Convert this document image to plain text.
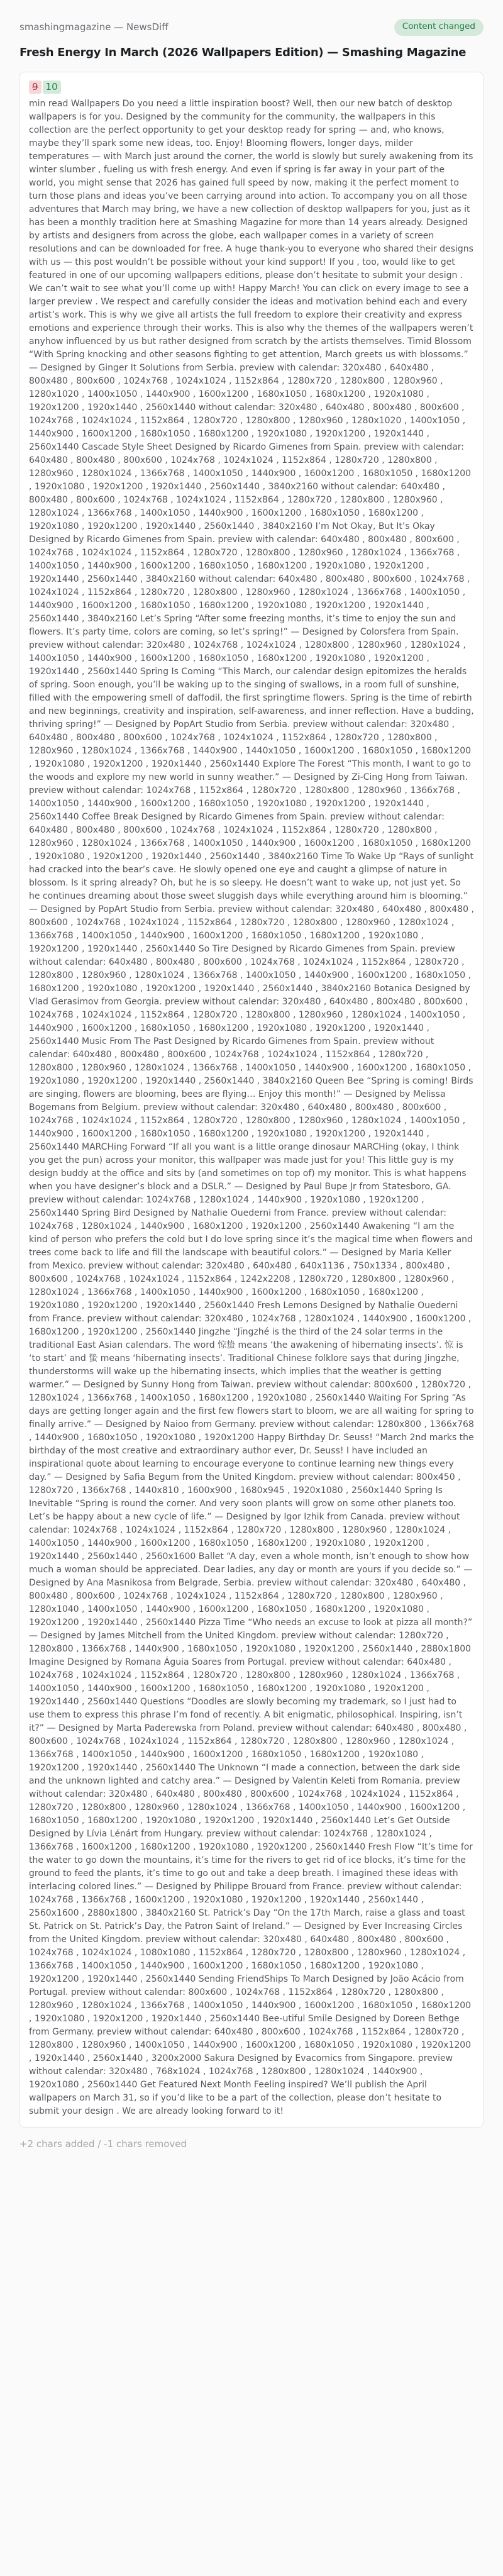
smashingmagazine — NewsDiff	Content changed
Fresh Energy In March (2026 Wallpapers Edition) — Smashing Magazine
9 10
min read Wallpapers Do you need a little inspiration boost? Well, then our new batch of desktop wallpapers is for you. Designed by the community for the community, the wallpapers in this collection are the perfect opportunity to get your desktop ready for spring — and, who knows, maybe they’ll spark some new ideas, too. Enjoy! Blooming flowers, longer days, milder temperatures — with March just around the corner, the world is slowly but surely awakening from its winter slumber , fueling us with fresh energy. And even if spring is far away in your part of the world, you might sense that 2026 has gained full speed by now, making it the perfect moment to turn those plans and ideas you’ve been carrying around into action. To accompany you on all those adventures that March may bring, we have a new collection of desktop wallpapers for you, just as it has been a monthly tradition here at Smashing Magazine for more than 14 years already. Designed by artists and designers from across the globe, each wallpaper comes in a variety of screen resolutions and can be downloaded for free. A huge thank-you to everyone who shared their designs with us — this post wouldn’t be possible without your kind support! If you , too, would like to get featured in one of our upcoming wallpapers editions, please don’t hesitate to submit your design . We can’t wait to see what you’ll come up with! Happy March! You can click on every image to see a larger preview . We respect and carefully consider the ideas and motivation behind each and every artist’s work. This is why we give all artists the full freedom to explore their creativity and express emotions and experience through their works. This is also why the themes of the wallpapers weren’t anyhow influenced by us but rather designed from scratch by the artists themselves. Timid Blossom “With Spring knocking and other seasons fighting to get attention, March greets us with blossoms.” — Designed by Ginger It Solutions from Serbia. preview with calendar: 320x480 , 640x480 , 800x480 , 800x600 , 1024x768 , 1024x1024 , 1152x864 , 1280x720 , 1280x800 , 1280x960 , 1280x1020 , 1400x1050 , 1440x900 , 1600x1200 , 1680x1050 , 1680x1200 , 1920x1080 , 1920x1200 , 1920x1440 , 2560x1440 without calendar: 320x480 , 640x480 , 800x480 , 800x600 , 1024x768 , 1024x1024 , 1152x864 , 1280x720 , 1280x800 , 1280x960 , 1280x1020 , 1400x1050 , 1440x900 , 1600x1200 , 1680x1050 , 1680x1200 , 1920x1080 , 1920x1200 , 1920x1440 , 2560x1440 Cascade Style Sheet Designed by Ricardo Gimenes from Spain. preview with calendar: 640x480 , 800x480 , 800x600 , 1024x768 , 1024x1024 , 1152x864 , 1280x720 , 1280x800 , 1280x960 , 1280x1024 , 1366x768 , 1400x1050 , 1440x900 , 1600x1200 , 1680x1050 , 1680x1200 , 1920x1080 , 1920x1200 , 1920x1440 , 2560x1440 , 3840x2160 without calendar: 640x480 , 800x480 , 800x600 , 1024x768 , 1024x1024 , 1152x864 , 1280x720 , 1280x800 , 1280x960 , 1280x1024 , 1366x768 , 1400x1050 , 1440x900 , 1600x1200 , 1680x1050 , 1680x1200 , 1920x1080 , 1920x1200 , 1920x1440 , 2560x1440 , 3840x2160 I’m Not Okay, But It’s Okay Designed by Ricardo Gimenes from Spain. preview with calendar: 640x480 , 800x480 , 800x600 , 1024x768 , 1024x1024 , 1152x864 , 1280x720 , 1280x800 , 1280x960 , 1280x1024 , 1366x768 , 1400x1050 , 1440x900 , 1600x1200 , 1680x1050 , 1680x1200 , 1920x1080 , 1920x1200 , 1920x1440 , 2560x1440 , 3840x2160 without calendar: 640x480 , 800x480 , 800x600 , 1024x768 , 1024x1024 , 1152x864 , 1280x720 , 1280x800 , 1280x960 , 1280x1024 , 1366x768 , 1400x1050 , 1440x900 , 1600x1200 , 1680x1050 , 1680x1200 , 1920x1080 , 1920x1200 , 1920x1440 , 2560x1440 , 3840x2160 Let’s Spring “After some freezing months, it’s time to enjoy the sun and flowers. It’s party time, colors are coming, so let’s spring!” — Designed by Colorsfera from Spain. preview without calendar: 320x480 , 1024x768 , 1024x1024 , 1280x800 , 1280x960 , 1280x1024 , 1400x1050 , 1440x900 , 1600x1200 , 1680x1050 , 1680x1200 , 1920x1080 , 1920x1200 , 1920x1440 , 2560x1440 Spring Is Coming “This March, our calendar design epitomizes the heralds of spring. Soon enough, you’ll be waking up to the singing of swallows, in a room full of sunshine, filled with the empowering smell of daffodil, the first springtime flowers. Spring is the time of rebirth and new beginnings, creativity and inspiration, self-awareness, and inner reflection. Have a budding, thriving spring!” — Designed by PopArt Studio from Serbia. preview without calendar: 320x480 , 640x480 , 800x480 , 800x600 , 1024x768 , 1024x1024 , 1152x864 , 1280x720 , 1280x800 , 1280x960 , 1280x1024 , 1366x768 , 1440x900 , 1440x1050 , 1600x1200 , 1680x1050 , 1680x1200 , 1920x1080 , 1920x1200 , 1920x1440 , 2560x1440 Explore The Forest “This month, I want to go to the woods and explore my new world in sunny weather.” — Designed by Zi-Cing Hong from Taiwan. preview without calendar: 1024x768 , 1152x864 , 1280x720 , 1280x800 , 1280x960 , 1366x768 , 1400x1050 , 1440x900 , 1600x1200 , 1680x1050 , 1920x1080 , 1920x1200 , 1920x1440 , 2560x1440 Coffee Break Designed by Ricardo Gimenes from Spain. preview without calendar: 640x480 , 800x480 , 800x600 , 1024x768 , 1024x1024 , 1152x864 , 1280x720 , 1280x800 , 1280x960 , 1280x1024 , 1366x768 , 1400x1050 , 1440x900 , 1600x1200 , 1680x1050 , 1680x1200 , 1920x1080 , 1920x1200 , 1920x1440 , 2560x1440 , 3840x2160 Time To Wake Up “Rays of sunlight had cracked into the bear’s cave. He slowly opened one eye and caught a glimpse of nature in blossom. Is it spring already? Oh, but he is so sleepy. He doesn’t want to wake up, not just yet. So he continues dreaming about those sweet sluggish days while everything around him is blooming.” — Designed by PopArt Studio from Serbia. preview without calendar: 320x480 , 640x480 , 800x480 , 800x600 , 1024x768 , 1024x1024 , 1152x864 , 1280x720 , 1280x800 , 1280x960 , 1280x1024 , 1366x768 , 1400x1050 , 1440x900 , 1600x1200 , 1680x1050 , 1680x1200 , 1920x1080 , 1920x1200 , 1920x1440 , 2560x1440 So Tire Designed by Ricardo Gimenes from Spain. preview without calendar: 640x480 , 800x480 , 800x600 , 1024x768 , 1024x1024 , 1152x864 , 1280x720 , 1280x800 , 1280x960 , 1280x1024 , 1366x768 , 1400x1050 , 1440x900 , 1600x1200 , 1680x1050 , 1680x1200 , 1920x1080 , 1920x1200 , 1920x1440 , 2560x1440 , 3840x2160 Botanica Designed by Vlad Gerasimov from Georgia. preview without calendar: 320x480 , 640x480 , 800x480 , 800x600 , 1024x768 , 1024x1024 , 1152x864 , 1280x720 , 1280x800 , 1280x960 , 1280x1024 , 1400x1050 , 1440x900 , 1600x1200 , 1680x1050 , 1680x1200 , 1920x1080 , 1920x1200 , 1920x1440 , 2560x1440 Music From The Past Designed by Ricardo Gimenes from Spain. preview without calendar: 640x480 , 800x480 , 800x600 , 1024x768 , 1024x1024 , 1152x864 , 1280x720 , 1280x800 , 1280x960 , 1280x1024 , 1366x768 , 1400x1050 , 1440x900 , 1600x1200 , 1680x1050 , 1920x1080 , 1920x1200 , 1920x1440 , 2560x1440 , 3840x2160 Queen Bee “Spring is coming! Birds are singing, flowers are blooming, bees are flying… Enjoy this month!” — Designed by Melissa Bogemans from Belgium. preview without calendar: 320x480 , 640x480 , 800x480 , 800x600 , 1024x768 , 1024x1024 , 1152x864 , 1280x720 , 1280x800 , 1280x960 , 1280x1024 , 1400x1050 , 1440x900 , 1600x1200 , 1680x1050 , 1680x1200 , 1920x1080 , 1920x1200 , 1920x1440 , 2560x1440 MARCHing Forward “If all you want is a little orange dinosaur MARCHing (okay, I think you get the pun) across your monitor, this wallpaper was made just for you! This little guy is my design buddy at the office and sits by (and sometimes on top of) my monitor. This is what happens when you have designer’s block and a DSLR.” — Designed by Paul Bupe Jr from Statesboro, GA. preview without calendar: 1024x768 , 1280x1024 , 1440x900 , 1920x1080 , 1920x1200 , 2560x1440 Spring Bird Designed by Nathalie Ouederni from France. preview without calendar: 1024x768 , 1280x1024 , 1440x900 , 1680x1200 , 1920x1200 , 2560x1440 Awakening “I am the kind of person who prefers the cold but I do love spring since it’s the magical time when flowers and trees come back to life and fill the landscape with beautiful colors.” — Designed by Maria Keller from Mexico. preview without calendar: 320x480 , 640x480 , 640x1136 , 750x1334 , 800x480 , 800x600 , 1024x768 , 1024x1024 , 1152x864 , 1242x2208 , 1280x720 , 1280x800 , 1280x960 , 1280x1024 , 1366x768 , 1400x1050 , 1440x900 , 1600x1200 , 1680x1050 , 1680x1200 , 1920x1080 , 1920x1200 , 1920x1440 , 2560x1440 Fresh Lemons Designed by Nathalie Ouederni from France. preview without calendar: 320x480 , 1024x768 , 1280x1024 , 1440x900 , 1600x1200 , 1680x1200 , 1920x1200 , 2560x1440 Jingzhe “Jīngzhé is the third of the 24 solar terms in the traditional East Asian calendars. The word 惊蛰 means ‘the awakening of hibernating insects’. 惊 is ‘to start’ and 蛰 means ‘hibernating insects’. Traditional Chinese folklore says that during Jingzhe, thunderstorms will wake up the hibernating insects, which implies that the weather is getting warmer.” — Designed by Sunny Hong from Taiwan. preview without calendar: 800x600 , 1280x720 , 1280x1024 , 1366x768 , 1400x1050 , 1680x1200 , 1920x1080 , 2560x1440 Waiting For Spring “As days are getting longer again and the first few flowers start to bloom, we are all waiting for spring to finally arrive.” — Designed by Naioo from Germany. preview without calendar: 1280x800 , 1366x768 , 1440x900 , 1680x1050 , 1920x1080 , 1920x1200 Happy Birthday Dr. Seuss! “March 2nd marks the birthday of the most creative and extraordinary author ever, Dr. Seuss! I have included an inspirational quote about learning to encourage everyone to continue learning new things every day.” — Designed by Safia Begum from the United Kingdom. preview without calendar: 800x450 , 1280x720 , 1366x768 , 1440x810 , 1600x900 , 1680x945 , 1920x1080 , 2560x1440 Spring Is Inevitable “Spring is round the corner. And very soon plants will grow on some other planets too. Let’s be happy about a new cycle of life.” — Designed by Igor Izhik from Canada. preview without calendar: 1024x768 , 1024x1024 , 1152x864 , 1280x720 , 1280x800 , 1280x960 , 1280x1024 , 1400x1050 , 1440x900 , 1600x1200 , 1680x1050 , 1680x1200 , 1920x1080 , 1920x1200 , 1920x1440 , 2560x1440 , 2560x1600 Ballet “A day, even a whole month, isn’t enough to show how much a woman should be appreciated. Dear ladies, any day or month are yours if you decide so.” — Designed by Ana Masnikosa from Belgrade, Serbia. preview without calendar: 320x480 , 640x480 , 800x480 , 800x600 , 1024x768 , 1024x1024 , 1152x864 , 1280x720 , 1280x800 , 1280x960 , 1280x1040 , 1400x1050 , 1440x900 , 1600x1200 , 1680x1050 , 1680x1200 , 1920x1080 , 1920x1200 , 1920x1440 , 2560x1440 Pizza Time “Who needs an excuse to look at pizza all month?” — Designed by James Mitchell from the United Kingdom. preview without calendar: 1280x720 , 1280x800 , 1366x768 , 1440x900 , 1680x1050 , 1920x1080 , 1920x1200 , 2560x1440 , 2880x1800 Imagine Designed by Romana Águia Soares from Portugal. preview without calendar: 640x480 , 1024x768 , 1024x1024 , 1152x864 , 1280x720 , 1280x800 , 1280x960 , 1280x1024 , 1366x768 , 1400x1050 , 1440x900 , 1600x1200 , 1680x1050 , 1680x1200 , 1920x1080 , 1920x1200 , 1920x1440 , 2560x1440 Questions “Doodles are slowly becoming my trademark, so I just had to use them to express this phrase I’m fond of recently. A bit enigmatic, philosophical. Inspiring, isn’t it?” — Designed by Marta Paderewska from Poland. preview without calendar: 640x480 , 800x480 , 800x600 , 1024x768 , 1024x1024 , 1152x864 , 1280x720 , 1280x800 , 1280x960 , 1280x1024 , 1366x768 , 1400x1050 , 1440x900 , 1600x1200 , 1680x1050 , 1680x1200 , 1920x1080 , 1920x1200 , 1920x1440 , 2560x1440 The Unknown “I made a connection, between the dark side and the unknown lighted and catchy area.” — Designed by Valentin Keleti from Romania. preview without calendar: 320x480 , 640x480 , 800x480 , 800x600 , 1024x768 , 1024x1024 , 1152x864 , 1280x720 , 1280x800 , 1280x960 , 1280x1024 , 1366x768 , 1400x1050 , 1440x900 , 1600x1200 , 1680x1050 , 1680x1200 , 1920x1080 , 1920x1200 , 1920x1440 , 2560x1440 Let’s Get Outside Designed by Lívia Lénárt from Hungary. preview without calendar: 1024x768 , 1280x1024 , 1366x768 , 1600x1200 , 1680x1200 , 1920x1080 , 1920x1200 , 2560x1440 Fresh Flow “It’s time for the water to go down the mountains, it’s time for the rivers to get rid of ice blocks, it’s time for the ground to feed the plants, it’s time to go out and take a deep breath. I imagined these ideas with interlacing colored lines.” — Designed by Philippe Brouard from France. preview without calendar: 1024x768 , 1366x768 , 1600x1200 , 1920x1080 , 1920x1200 , 1920x1440 , 2560x1440 , 2560x1600 , 2880x1800 , 3840x2160 St. Patrick’s Day “On the 17th March, raise a glass and toast St. Patrick on St. Patrick’s Day, the Patron Saint of Ireland.” — Designed by Ever Increasing Circles from the United Kingdom. preview without calendar: 320x480 , 640x480 , 800x480 , 800x600 , 1024x768 , 1024x1024 , 1080x1080 , 1152x864 , 1280x720 , 1280x800 , 1280x960 , 1280x1024 , 1366x768 , 1400x1050 , 1440x900 , 1600x1200 , 1680x1050 , 1680x1200 , 1920x1080 , 1920x1200 , 1920x1440 , 2560x1440 Sending FriendShips To March Designed by João Acácio from Portugal. preview without calendar: 800x600 , 1024x768 , 1152x864 , 1280x720 , 1280x800 , 1280x960 , 1280x1024 , 1366x768 , 1400x1050 , 1440x900 , 1600x1200 , 1680x1050 , 1680x1200 , 1920x1080 , 1920x1200 , 1920x1440 , 2560x1440 Bee-utiful Smile Designed by Doreen Bethge from Germany. preview without calendar: 640x480 , 800x600 , 1024x768 , 1152x864 , 1280x720 , 1280x800 , 1280x960 , 1400x1050 , 1440x900 , 1600x1200 , 1680x1050 , 1920x1080 , 1920x1200 , 1920x1440 , 2560x1440 , 3200x2000 Sakura Designed by Evacomics from Singapore. preview without calendar: 320x480 , 768x1024 , 1024x768 , 1280x800 , 1280x1024 , 1440x900 , 1920x1080 , 2560x1440 Get Featured Next Month Feeling inspired? We’ll publish the April wallpapers on March 31, so if you’d like to be a part of the collection, please don’t hesitate to submit your design . We are already looking forward to it!
+2 chars added / -1 chars removed
